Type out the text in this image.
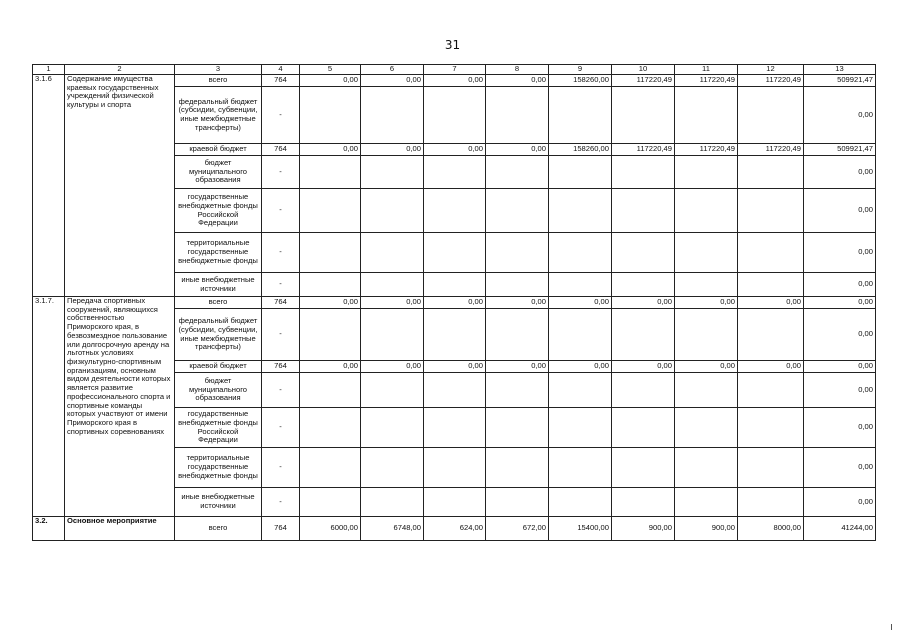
31
1	2	3	4	5	6	7	8	9	10	11	12	13
3.1.6	Содержание имущества краевых государственных учреждений физической культуры и спорта	всего	764	0,00	0,00	0,00	0,00	158260,00	117220,49	117220,49	117220,49	509921,47
		федеральный бюджет (субсидии, субвенции, иные межбюджетные трансферты)	-									0,00
		краевой бюджет	764	0,00	0,00	0,00	0,00	158260,00	117220,49	117220,49	117220,49	509921,47
		бюджет муниципального образования	-									0,00
		государственные внебюджетные фонды Российской Федерации	-									0,00
		территориальные государственные внебюджетные фонды	-									0,00
		иные внебюджетные источники	-									0,00
3.1.7.	Передача спортивных сооружений, являющихся собственностью Приморского края, в безвозмездное пользование или долгосрочную аренду на льготных условиях физкультурно-спортивным организациям, основным видом деятельности которых является развитие профессионального спорта и спортивные команды которых участвуют от имени Приморского края в спортивных соревнованиях	всего	764	0,00	0,00	0,00	0,00	0,00	0,00	0,00	0,00	0,00
		федеральный бюджет (субсидии, субвенции, иные межбюджетные трансферты)	-									0,00
		краевой бюджет	764	0,00	0,00	0,00	0,00	0,00	0,00	0,00	0,00	0,00
		бюджет муниципального образования	-									0,00
		государственные внебюджетные фонды Российской Федерации	-									0,00
		территориальные государственные внебюджетные фонды	-									0,00
		иные внебюджетные источники	-									0,00
3.2.	Основное мероприятие	всего	764	6000,00	6748,00	624,00	672,00	15400,00	900,00	900,00	8000,00	41244,00
